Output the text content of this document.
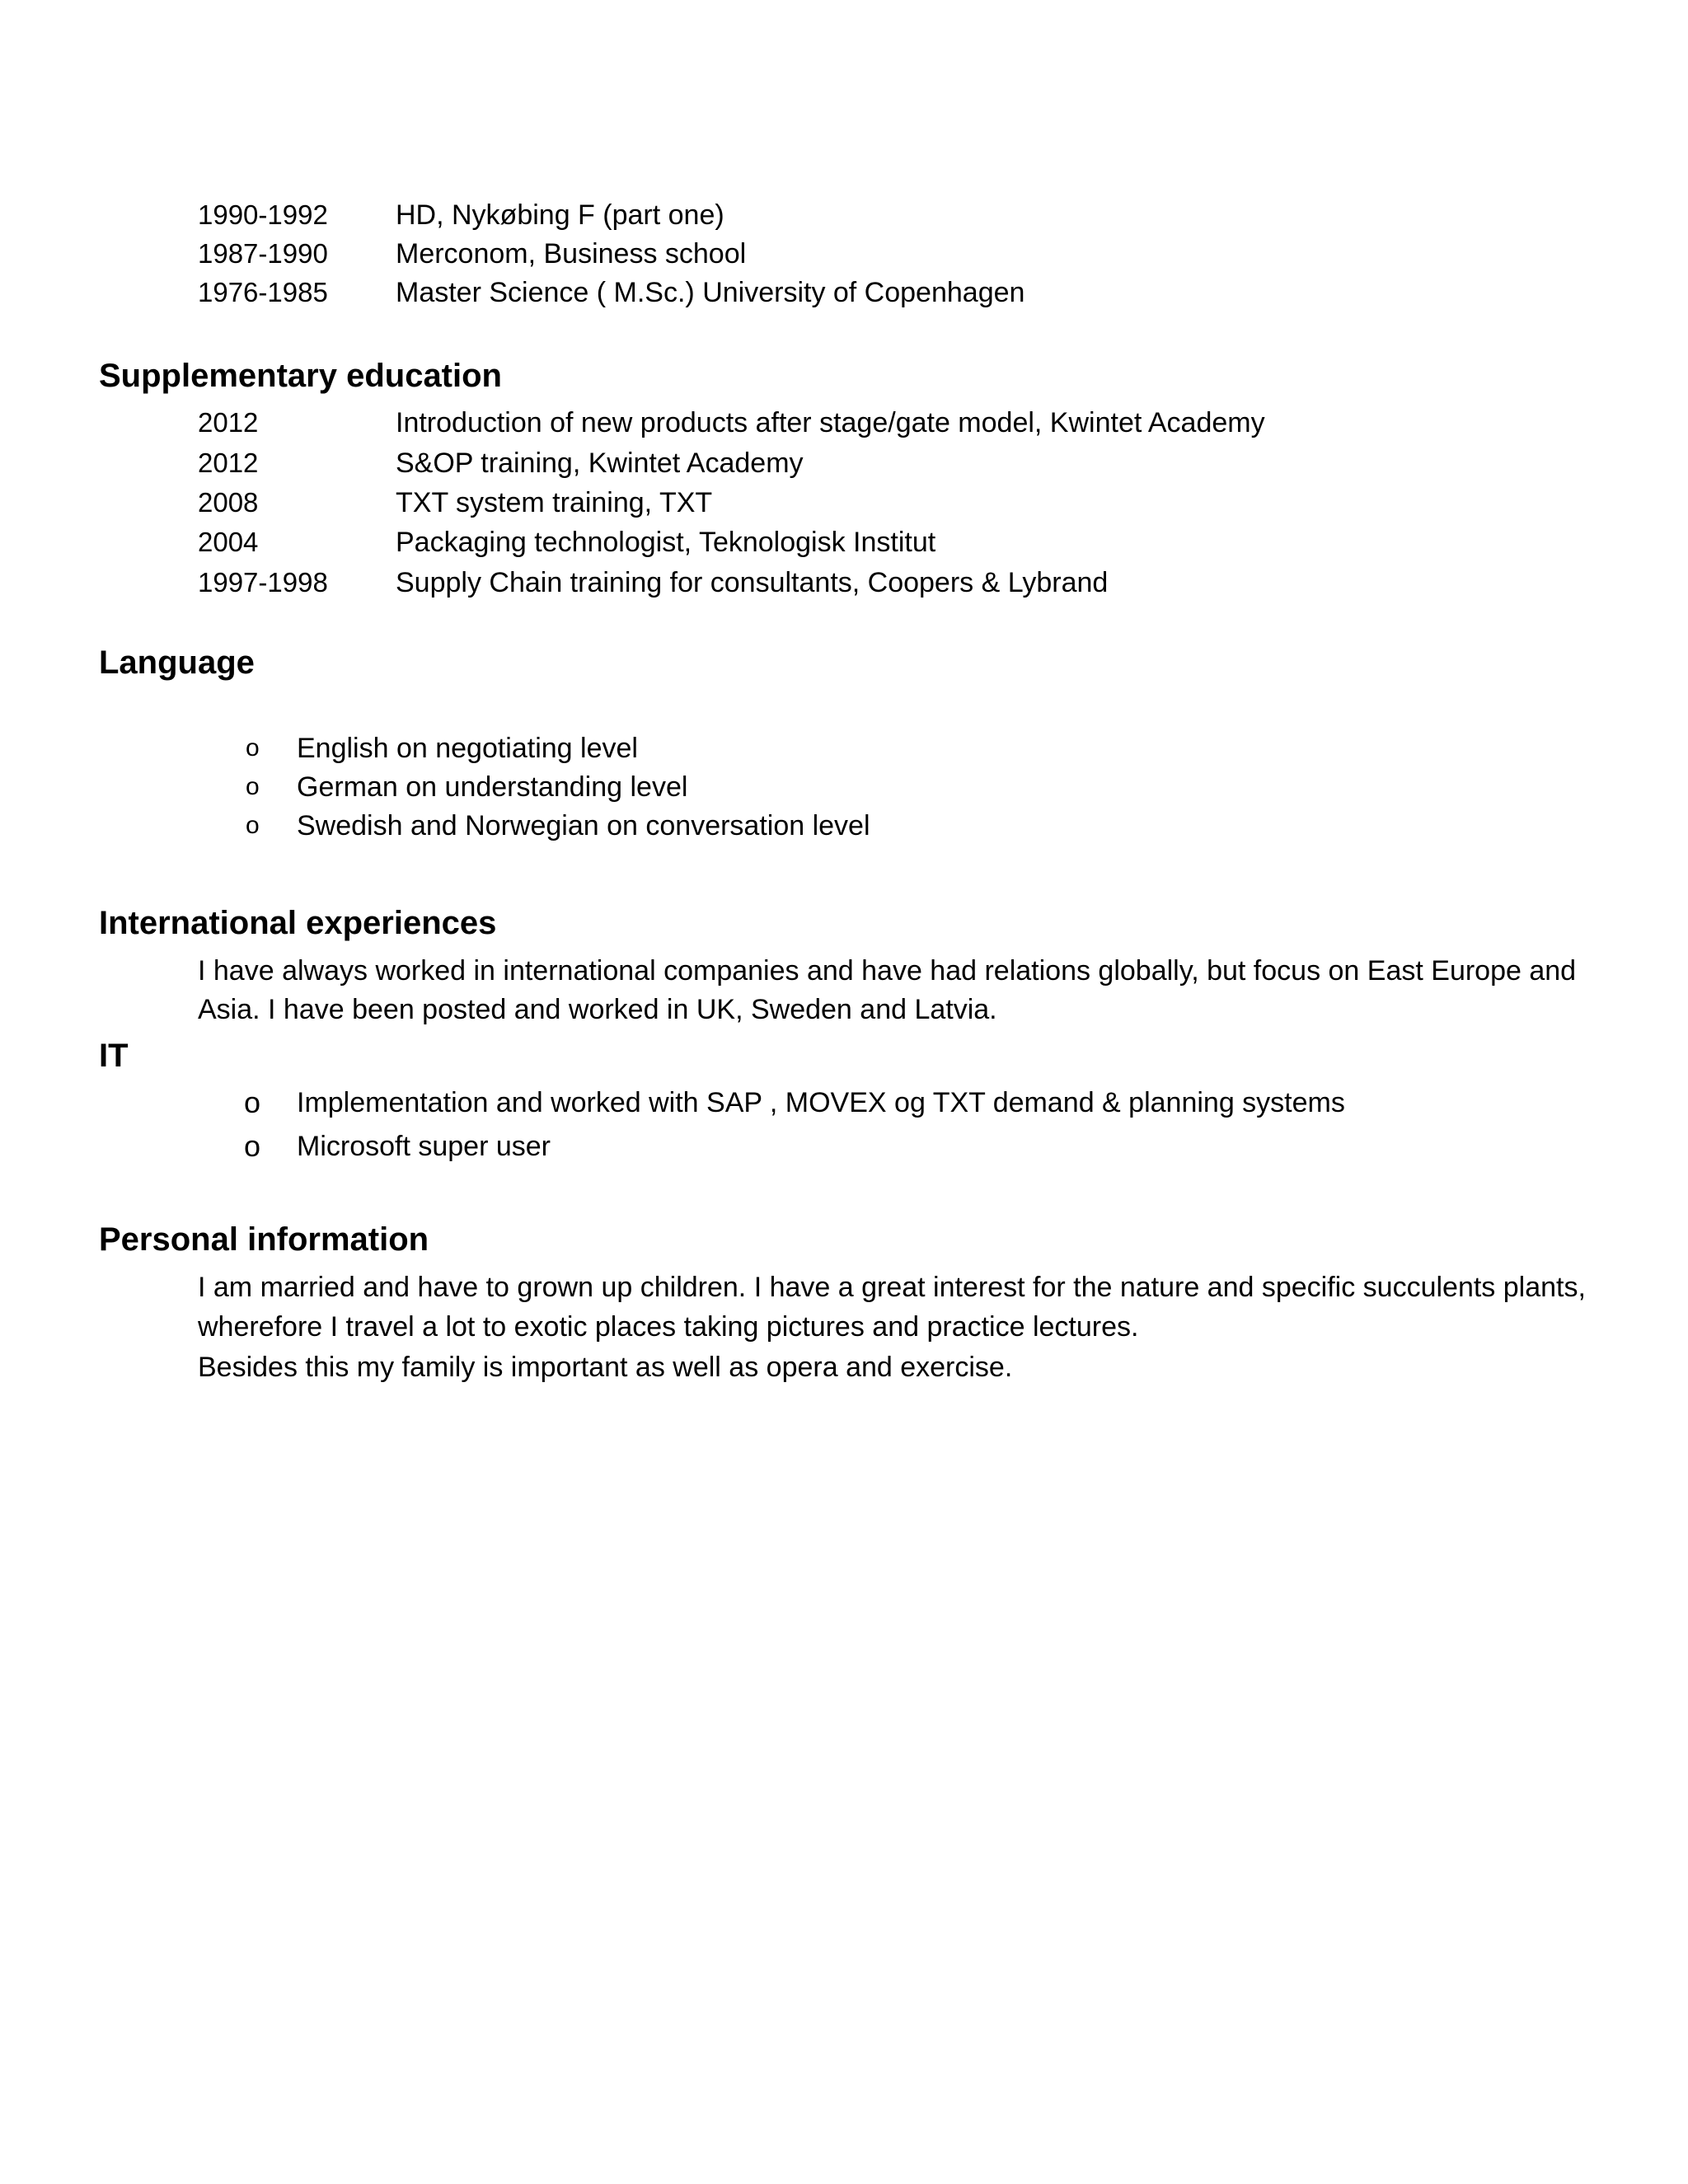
1990-1992 HD, Nykøbing F (part one)
1987-1990 Merconom, Business school
1976-1985 Master Science ( M.Sc.) University of Copenhagen
Supplementary education
2012	Introduction of new products after stage/gate model, Kwintet Academy
2012	S&OP training, Kwintet Academy
2008	TXT system training, TXT
2004	Packaging technologist, Teknologisk Institut
1997-1998 Supply Chain training for consultants, Coopers & Lybrand
Language
o English on negotiating level
o German on understanding level
o Swedish and Norwegian on conversation level
International experiences
I have always worked in international companies and have had relations globally, but focus on East Europe and
Asia. I have been posted and worked in UK, Sweden and Latvia.
IT
o Implementation and worked with SAP , MOVEX og TXT demand & planning systems
o Microsoft super user
Personal information
I am married and have to grown up children. I have a great interest for the nature and specific succulents plants,
wherefore I travel a lot to exotic places taking pictures and practice lectures.
Besides this my family is important as well as opera and exercise.
